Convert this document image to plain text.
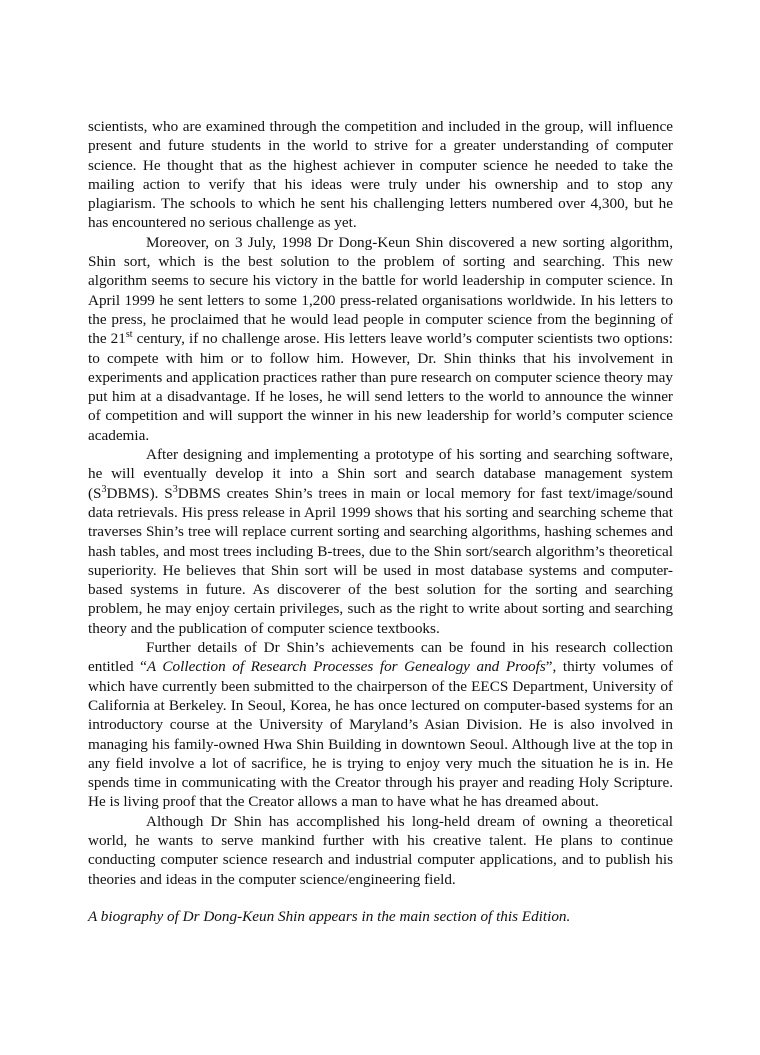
scientists, who are examined through the competition and included in the group, will influence present and future students in the world to strive for a greater understanding of computer science. He thought that as the highest achiever in computer science he needed to take the mailing action to verify that his ideas were truly under his ownership and to stop any plagiarism. The schools to which he sent his challenging letters numbered over 4,300, but he has encountered no serious challenge as yet.

Moreover, on 3 July, 1998 Dr Dong-Keun Shin discovered a new sorting algorithm, Shin sort, which is the best solution to the problem of sorting and searching. This new algorithm seems to secure his victory in the battle for world leadership in computer science. In April 1999 he sent letters to some 1,200 press-related organisations worldwide. In his letters to the press, he proclaimed that he would lead people in computer science from the beginning of the 21st century, if no challenge arose. His letters leave world’s computer scientists two options: to compete with him or to follow him. However, Dr. Shin thinks that his involvement in experiments and application practices rather than pure research on computer science theory may put him at a disadvantage. If he loses, he will send letters to the world to announce the winner of competition and will support the winner in his new leadership for world’s computer science academia.

After designing and implementing a prototype of his sorting and searching software, he will eventually develop it into a Shin sort and search database management system $(S^3DBMS)$. $S^3DBMS$ creates Shin’s trees in main or local memory for fast text/image/sound data retrievals. His press release in April 1999 shows that his sorting and searching scheme that traverses Shin’s tree will replace current sorting and searching algorithms, hashing schemes and hash tables, and most trees including B-trees, due to the Shin sort/search algorithm’s theoretical superiority. He believes that Shin sort will be used in most database systems and computer-based systems in future. As discoverer of the best solution for the sorting and searching problem, he may enjoy certain privileges, such as the right to write about sorting and searching theory and the publication of computer science textbooks.

Further details of Dr Shin’s achievements can be found in his research collection entitled “A Collection of Research Processes for Genealogy and Proofs”, thirty volumes of which have currently been submitted to the chairperson of the EECS Department, University of California at Berkeley. In Seoul, Korea, he has once lectured on computer-based systems for an introductory course at the University of Maryland’s Asian Division. He is also involved in managing his family-owned Hwa Shin Building in downtown Seoul. Although live at the top in any field involve a lot of sacrifice, he is trying to enjoy very much the situation he is in. He spends time in communicating with the Creator through his prayer and reading Holy Scripture. He is living proof that the Creator allows a man to have what he has dreamed about.

Although Dr Shin has accomplished his long-held dream of owning a theoretical world, he wants to serve mankind further with his creative talent. He plans to continue conducting computer science research and industrial computer applications, and to publish his theories and ideas in the computer science/engineering field.

A biography of Dr Dong-Keun Shin appears in the main section of this Edition.
